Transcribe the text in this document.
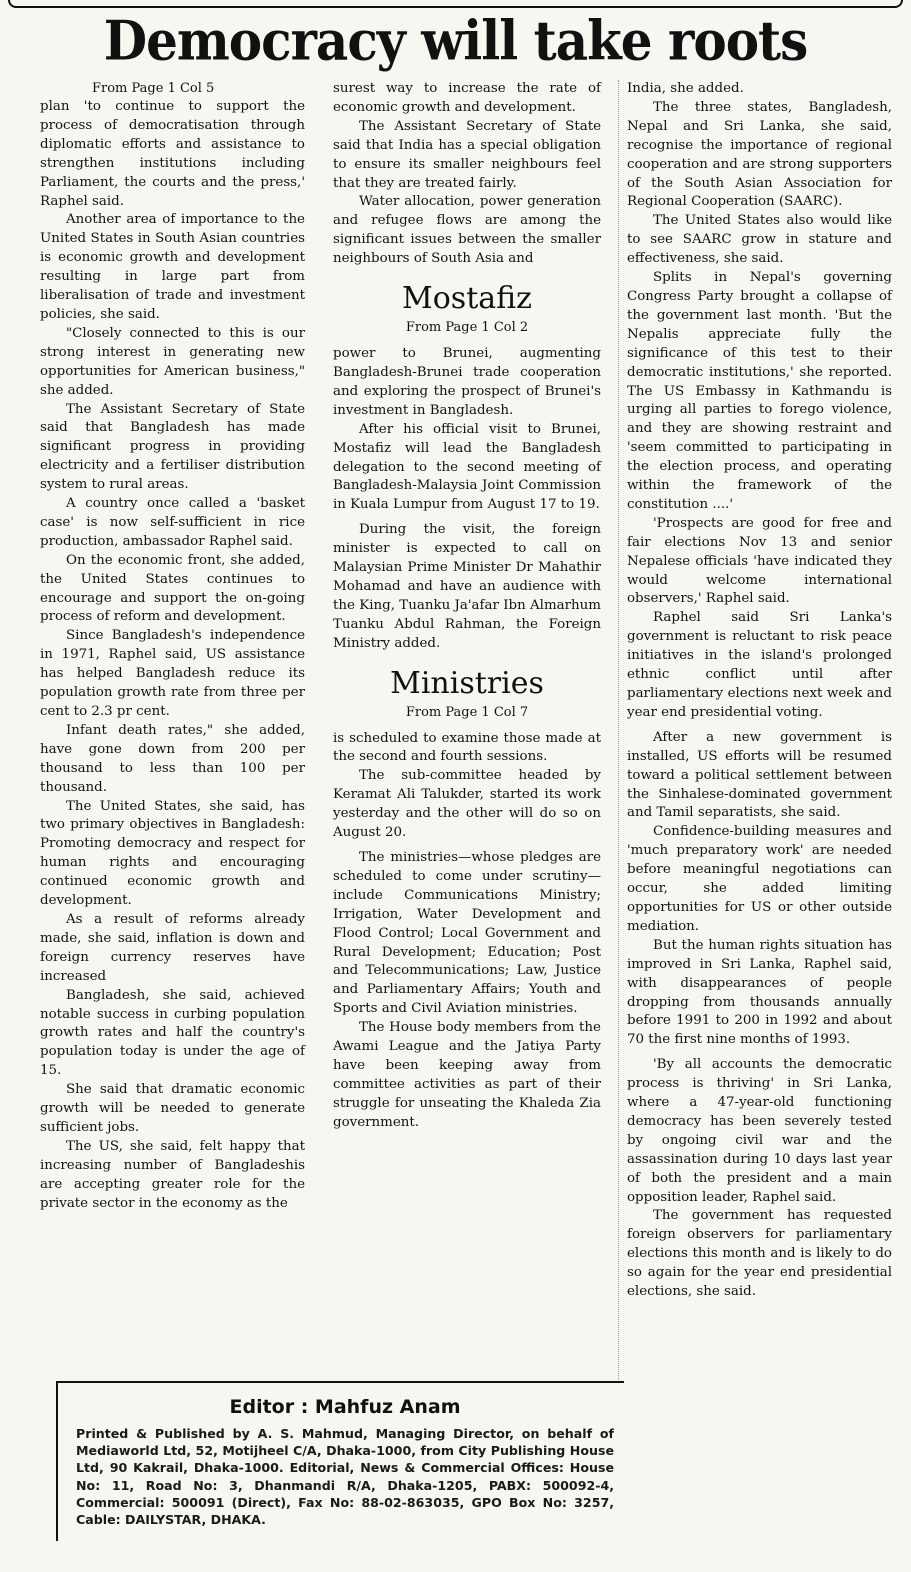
Democracy will take roots
From Page 1 Col 5

plan 'to continue to support the process of democratisation through diplomatic efforts and assistance to strengthen institutions including Parliament, the courts and the press,' Raphel said.

Another area of importance to the United States in South Asian countries is economic growth and development resulting in large part from liberalisation of trade and investment policies, she said.

"Closely connected to this is our strong interest in generating new opportunities for American business," she added.

The Assistant Secretary of State said that Bangladesh has made significant progress in providing electricity and a fertiliser distribution system to rural areas.

A country once called a 'basket case' is now self-sufficient in rice production, ambassador Raphel said.

On the economic front, she added, the United States continues to encourage and support the on-going process of reform and development.

Since Bangladesh's independence in 1971, Raphel said, US assistance has helped Bangladesh reduce its population growth rate from three per cent to 2.3 pr cent.

Infant death rates," she added, have gone down from 200 per thousand to less than 100 per thousand.

The United States, she said, has two primary objectives in Bangladesh: Promoting democracy and respect for human rights and encouraging continued economic growth and development.

As a result of reforms already made, she said, inflation is down and foreign currency reserves have increased

Bangladesh, she said, achieved notable success in curbing population growth rates and half the country's population today is under the age of 15.

She said that dramatic economic growth will be needed to generate sufficient jobs.

The US, she said, felt happy that increasing number of Bangladeshis are accepting greater role for the private sector in the economy as the

surest way to increase the rate of economic growth and development.

The Assistant Secretary of State said that India has a special obligation to ensure its smaller neighbours feel that they are treated fairly.

Water allocation, power generation and refugee flows are among the significant issues between the smaller neighbours of South Asia and

Mostafiz
From Page 1 Col 2

power to Brunei, augmenting Bangladesh-Brunei trade cooperation and exploring the prospect of Brunei's investment in Bangladesh.

After his official visit to Brunei, Mostafiz will lead the Bangladesh delegation to the second meeting of Bangladesh-Malaysia Joint Commission in Kuala Lumpur from August 17 to 19.

During the visit, the foreign minister is expected to call on Malaysian Prime Minister Dr Mahathir Mohamad and have an audience with the King, Tuanku Ja'afar Ibn Almarhum Tuanku Abdul Rahman, the Foreign Ministry added.

Ministries
From Page 1 Col 7

is scheduled to examine those made at the second and fourth sessions.

The sub-committee headed by Keramat Ali Talukder, started its work yesterday and the other will do so on August 20.

The ministries—whose pledges are scheduled to come under scrutiny—include Communications Ministry; Irrigation, Water Development and Flood Control; Local Government and Rural Development; Education; Post and Telecommunications; Law, Justice and Parliamentary Affairs; Youth and Sports and Civil Aviation ministries.

The House body members from the Awami League and the Jatiya Party have been keeping away from committee activities as part of their struggle for unseating the Khaleda Zia government.

India, she added.

The three states, Bangladesh, Nepal and Sri Lanka, she said, recognise the importance of regional cooperation and are strong supporters of the South Asian Association for Regional Cooperation (SAARC).

The United States also would like to see SAARC grow in stature and effectiveness, she said.

Splits in Nepal's governing Congress Party brought a collapse of the government last month. 'But the Nepalis appreciate fully the significance of this test to their democratic institutions,' she reported. The US Embassy in Kathmandu is urging all parties to forego violence, and they are showing restraint and 'seem committed to participating in the election process, and operating within the framework of the constitution ....'

'Prospects are good for free and fair elections Nov 13 and senior Nepalese officials 'have indicated they would welcome international observers,' Raphel said.

Raphel said Sri Lanka's government is reluctant to risk peace initiatives in the island's prolonged ethnic conflict until after parliamentary elections next week and year end presidential voting.

After a new government is installed, US efforts will be resumed toward a political settlement between the Sinhalese-dominated government and Tamil separatists, she said.

Confidence-building measures and 'much preparatory work' are needed before meaningful negotiations can occur, she added limiting opportunities for US or other outside mediation.

But the human rights situation has improved in Sri Lanka, Raphel said, with disappearances of people dropping from thousands annually before 1991 to 200 in 1992 and about 70 the first nine months of 1993.

'By all accounts the democratic process is thriving' in Sri Lanka, where a 47-year-old functioning democracy has been severely tested by ongoing civil war and the assassination during 10 days last year of both the president and a main opposition leader, Raphel said.

The government has requested foreign observers for parliamentary elections this month and is likely to do so again for the year end presidential elections, she said.

Editor : Mahfuz Anam
Printed & Published by A. S. Mahmud, Managing Director, on behalf of Mediaworld Ltd, 52, Motijheel C/A, Dhaka-1000, from City Publishing House Ltd, 90 Kakrail, Dhaka-1000. Editorial, News & Commercial Offices: House No: 11, Road No: 3, Dhanmandi R/A, Dhaka-1205, PABX: 500092-4, Commercial: 500091 (Direct), Fax No: 88-02-863035, GPO Box No: 3257, Cable: DAILYSTAR, DHAKA.
